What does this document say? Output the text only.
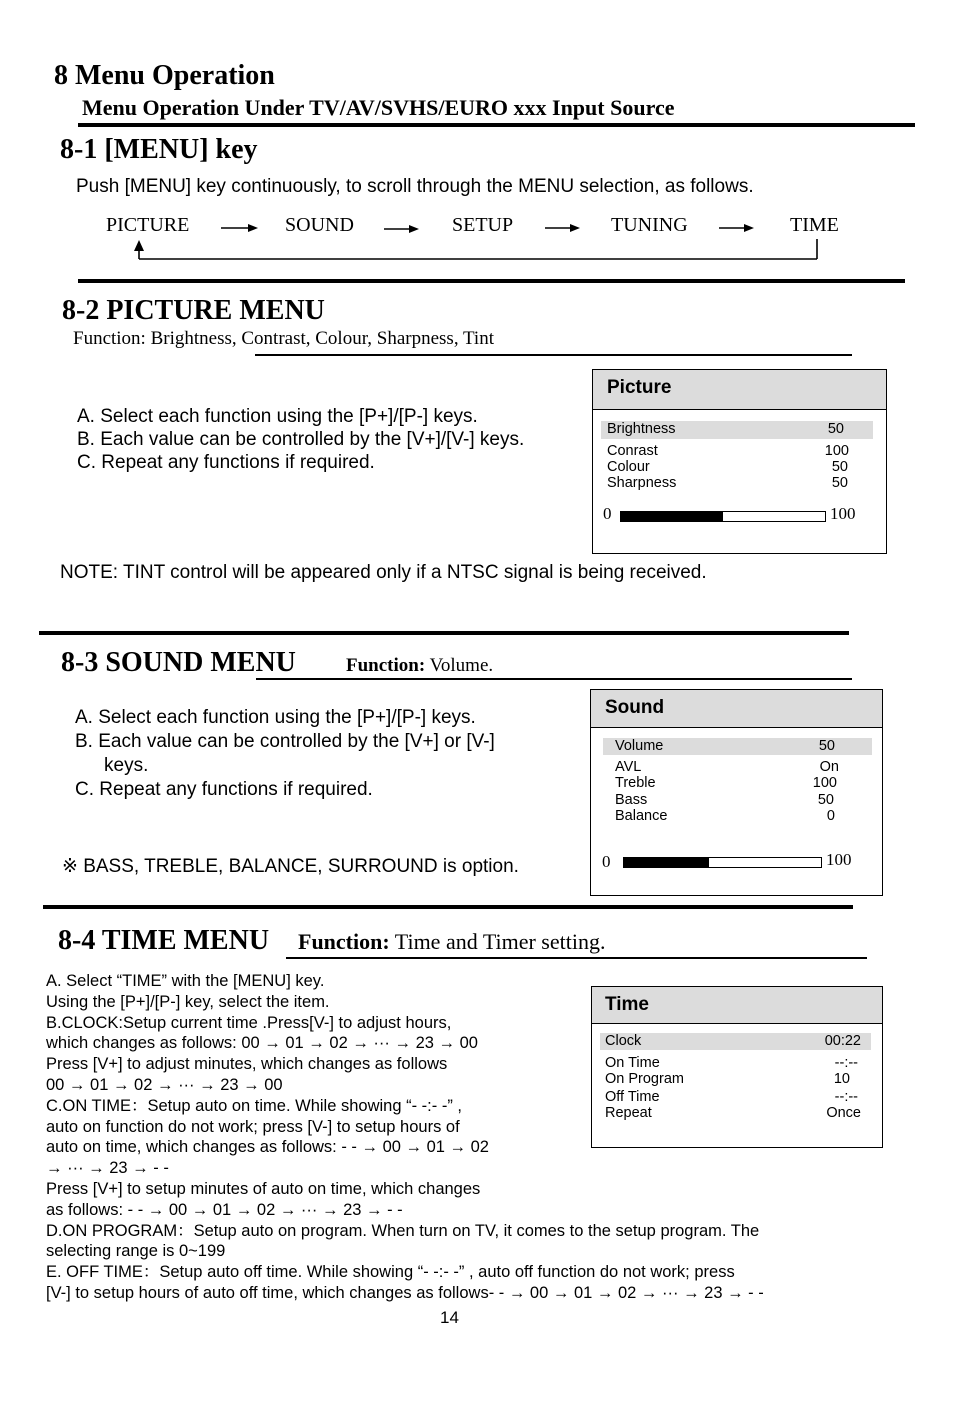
8 Menu Operation
Menu Operation Under TV/AV/SVHS/EURO xxx Input Source
8-1 [MENU] key
Push [MENU] key continuously, to scroll through the MENU selection, as follows.
PICTURE	SOUND	SETUP	TUNING	TIME
8-2 PICTURE MENU
Function: Brightness, Contrast, Colour, Sharpness, Tint
A. Select each function using the [P+]/[P-] keys.
B. Each value can be controlled by the [V+]/[V-] keys.
C. Repeat any functions if required.
Picture
Brightness	50
Conrast	100
Colour	50
Sharpness	50
0	100
NOTE: TINT control will be appeared only if a NTSC signal is being received.
8-3 SOUND MENU	Function: Volume.
A. Select each function using the [P+]/[P-] keys.
B. Each value can be controlled by the [V+] or [V-]
keys.
C. Repeat any functions if required.
※ BASS, TREBLE, BALANCE, SURROUND is option.
Sound
Volume	50
AVL	On
Treble	100
Bass	50
Balance	0
0	100
8-4 TIME MENU Function: Time and Timer setting.
A. Select “TIME” with the [MENU] key.
Using the [P+]/[P-] key, select the item.
B.CLOCK:Setup current time .Press[V-] to adjust hours,
which changes as follows: 00 → 01 → 02 → ··· → 23 → 00
Press [V+] to adjust minutes, which changes as follows
00 → 01 → 02 → ··· → 23 → 00
C.ON TIME：Setup auto on time. While showing “- -:- -” ,
auto on function do not work; press [V-] to setup hours of
auto on time, which changes as follows: - - → 00 → 01 → 02
→ ··· → 23 → - -
Press [V+] to setup minutes of auto on time, which changes
as follows: - - → 00 → 01 → 02 → ··· → 23 → - -
D.ON PROGRAM：Setup auto on program. When turn on TV, it comes to the setup program. The
selecting range is 0~199
E. OFF TIME：Setup auto off time. While showing “- -:- -” , auto off function do not work; press
[V-] to setup hours of auto off time, which changes as follows- - → 00 → 01 → 02 → ··· → 23 → - -
Time
Clock	00:22
On Time	--:--
On Program	10
Off Time	--:--
Repeat	Once
14
